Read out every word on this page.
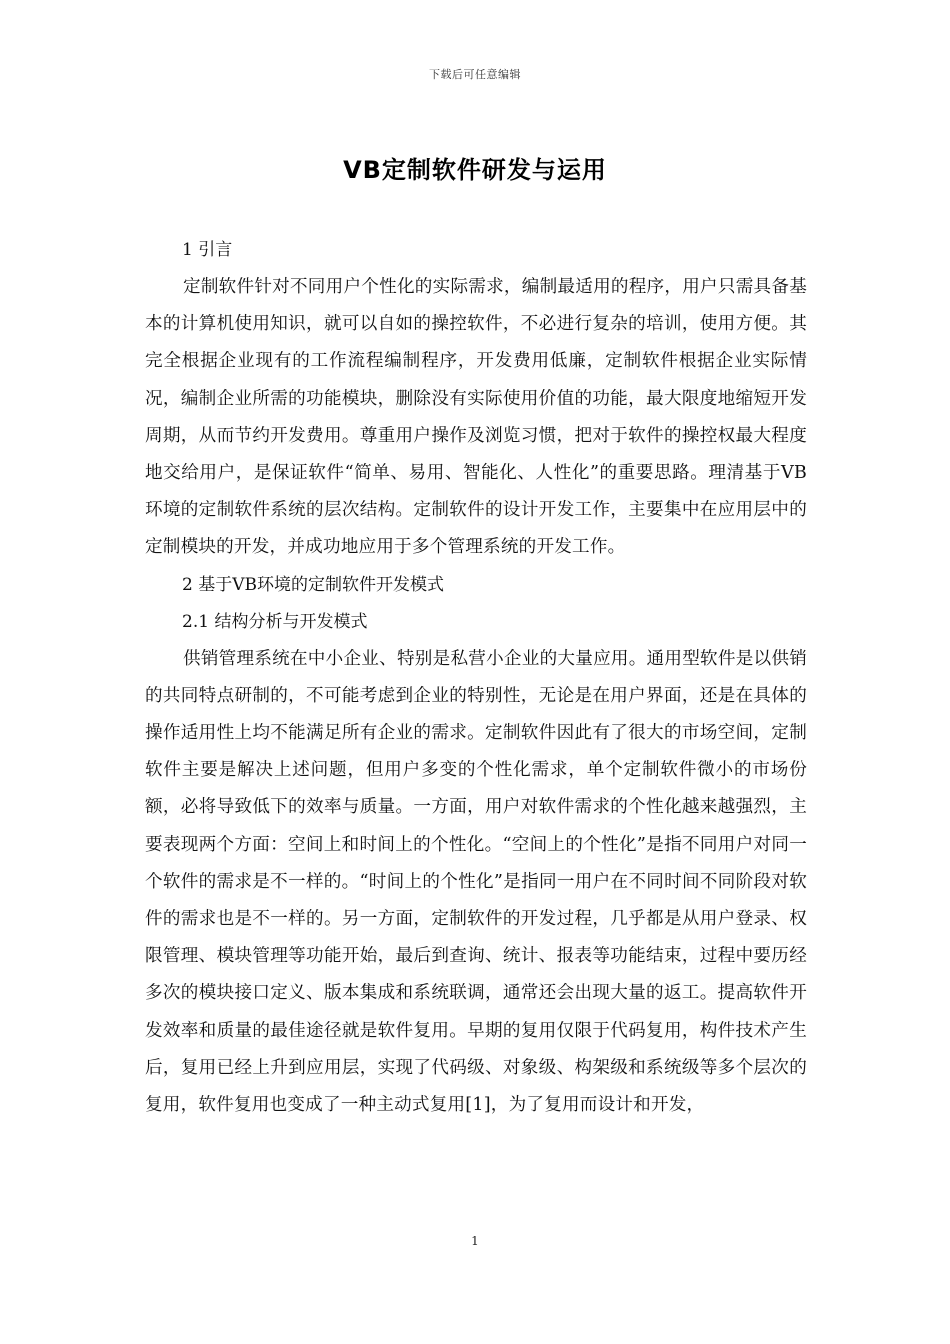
下载后可任意编辑
VB定制软件研发与运用

1 引言

定制软件针对不同用户个性化的实际需求，编制最适用的程序，用户只需具备基本的计算机使用知识，就可以自如的操控软件，不必进行复杂的培训，使用方便。其完全根据企业现有的工作流程编制程序，开发费用低廉，定制软件根据企业实际情况，编制企业所需的功能模块，删除没有实际使用价值的功能，最大限度地缩短开发周期，从而节约开发费用。尊重用户操作及浏览习惯，把对于软件的操控权最大程度地交给用户，是保证软件“简单、易用、智能化、人性化”的重要思路。理清基于VB环境的定制软件系统的层次结构。定制软件的设计开发工作，主要集中在应用层中的定制模块的开发，并成功地应用于多个管理系统的开发工作。

2 基于VB环境的定制软件开发模式

2.1 结构分析与开发模式

供销管理系统在中小企业、特别是私营小企业的大量应用。通用型软件是以供销的共同特点研制的，不可能考虑到企业的特别性，无论是在用户界面，还是在具体的操作适用性上均不能满足所有企业的需求。定制软件因此有了很大的市场空间，定制软件主要是解决上述问题，但用户多变的个性化需求，单个定制软件微小的市场份额，必将导致低下的效率与质量。一方面，用户对软件需求的个性化越来越强烈，主要表现两个方面：空间上和时间上的个性化。“空间上的个性化”是指不同用户对同一个软件的需求是不一样的。“时间上的个性化”是指同一用户在不同时间不同阶段对软件的需求也是不一样的。另一方面，定制软件的开发过程，几乎都是从用户登录、权限管理、模块管理等功能开始，最后到查询、统计、报表等功能结束，过程中要历经多次的模块接口定义、版本集成和系统联调，通常还会出现大量的返工。提高软件开发效率和质量的最佳途径就是软件复用。早期的复用仅限于代码复用，构件技术产生后，复用已经上升到应用层，实现了代码级、对象级、构架级和系统级等多个层次的复用，软件复用也变成了一种主动式复用[1]，为了复用而设计和开发，

1
